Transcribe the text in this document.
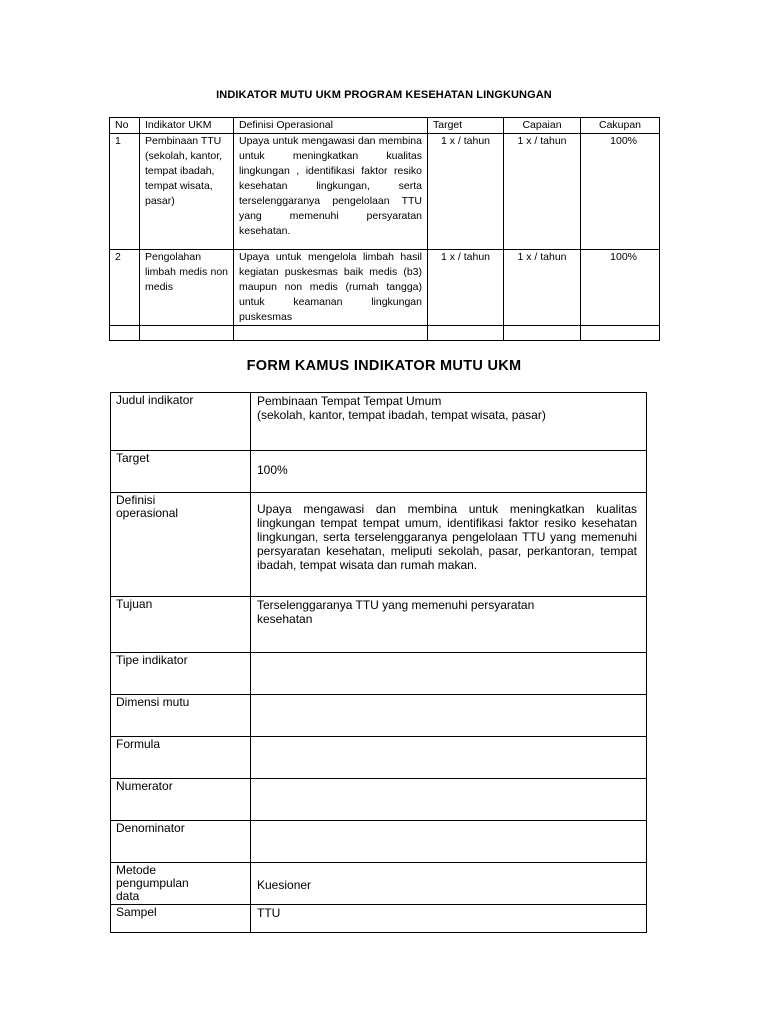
INDIKATOR MUTU UKM PROGRAM KESEHATAN LINGKUNGAN
No	Indikator UKM	Definisi Operasional	Target	Capaian	Cakupan
1	Pembinaan TTU (sekolah, kantor, tempat ibadah, tempat wisata, pasar)	Upaya untuk mengawasi dan membina untuk meningkatkan kualitas lingkungan , identifikasi faktor resiko kesehatan lingkungan, serta terselenggaranya pengelolaan TTU yang memenuhi persyaratan kesehatan.	1 x / tahun	1 x / tahun	100%
2	Pengolahan limbah medis non medis	Upaya untuk mengelola limbah hasil kegiatan puskesmas baik medis (b3) maupun non medis (rumah tangga) untuk keamanan lingkungan puskesmas	1 x / tahun	1 x / tahun	100%

FORM KAMUS INDIKATOR MUTU UKM
Judul indikator	Pembinaan Tempat Tempat Umum
(sekolah, kantor, tempat ibadah, tempat wisata, pasar)

Target	100%

Definisi
operasional	Upaya mengawasi dan membina untuk meningkatkan kualitas lingkungan tempat tempat umum, identifikasi faktor resiko kesehatan lingkungan, serta terselenggaranya pengelolaan TTU yang memenuhi persyaratan kesehatan, meliputi sekolah, pasar, perkantoran, tempat ibadah, tempat wisata dan rumah makan.
Tujuan	Terselenggaranya TTU yang memenuhi persyaratan kesehatan
Tipe indikator	
Dimensi mutu	
Formula	
Numerator	
Denominator	

Metode
pengumpulan
data	Kuesioner
Sampel	TTU
